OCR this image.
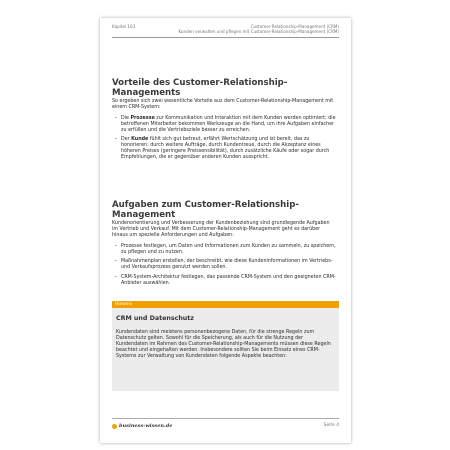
Kapitel 103	Customer-Relationship-Management (CRM)
Kunden verwalten und pflegen mit Customer-Relationship-Management (CRM)
Vorteile des Customer-Relationship-Managements

So ergeben sich zwei wesentliche Vorteile aus dem Customer-Relationship-Management mit einem CRM-System:

– Die Prozesse zur Kommunikation und Interaktion mit dem Kunden werden optimiert; die betroffenen Mitarbeiter bekommen Werkzeuge an die Hand, um ihre Aufgaben einfacher zu erfüllen und die Vertriebsziele besser zu erreichen.
– Der Kunde fühlt sich gut betreut, erfährt Wertschätzung und ist bereit, das zu honorieren: durch weitere Aufträge, durch Kundentreue, durch die Akzeptanz eines höheren Preises (geringere Preissensibilität), durch zusätzliche Käufe oder sogar durch Empfehlungen, die er gegenüber anderen Kunden ausspricht.
Aufgaben zum Customer-Relationship-Management

Kundenorientierung und Verbesserung der Kundenbeziehung sind grundlegende Aufgaben im Vertrieb und Verkauf. Mit dem Customer-Relationship-Management geht es darüber hinaus um spezielle Anforderungen und Aufgaben:

– Prozesse festlegen, um Daten und Informationen zum Kunden zu sammeln, zu speichern, zu pflegen und zu nutzen.
– Maßnahmenplan erstellen, der beschreibt, wie diese Kundeninformationen im Vertriebs- und Verkaufsprozess genutzt werden sollen.
– CRM-System-Architektur festlegen, das passende CRM-System und den geeigneten CRM-Anbieter auswählen.
Hinweis
CRM und Datenschutz

Kundendaten sind meistens personenbezogene Daten, für die strenge Regeln zum Datenschutz gelten. Sowohl für die Speicherung, als auch für die Nutzung der Kundendaten im Rahmen des Customer-Relationship-Managements müssen diese Regeln beachtet und eingehalten werden. Insbesondere sollten Sie beim Einsatz eines CRM-Systems zur Verwaltung von Kundendaten folgende Aspekte beachten:

business-wissen.de	Seite 4
